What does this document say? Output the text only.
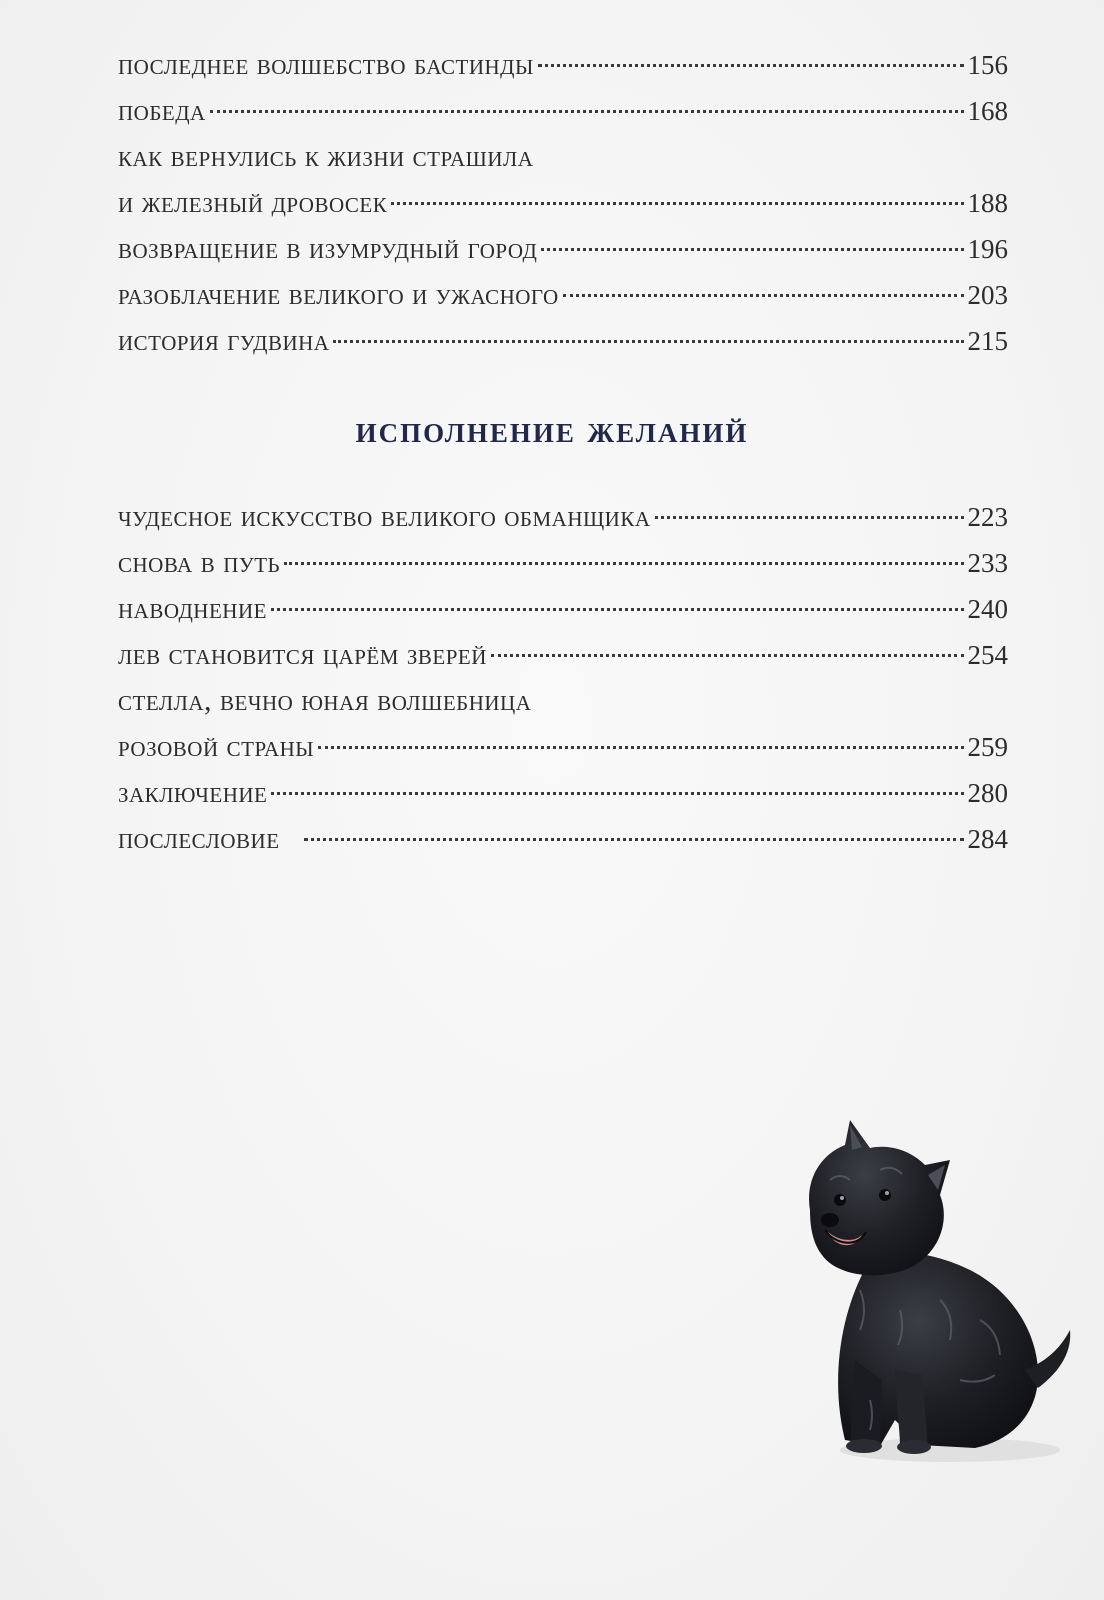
последнее волшебство бастинды	156
победа	168
как вернулись к жизни страшила
и железный дровосек	188
возвращение в изумрудный город	196
разоблачение великого и ужасного	203
история гудвина	215
исполнение желаний
чудесное искусство великого обманщика	223
снова в путь	233
наводнение	240
лев становится царём зверей	254
стелла, вечно юная волшебница
розовой страны	259
заключение	280
послесловие	284
